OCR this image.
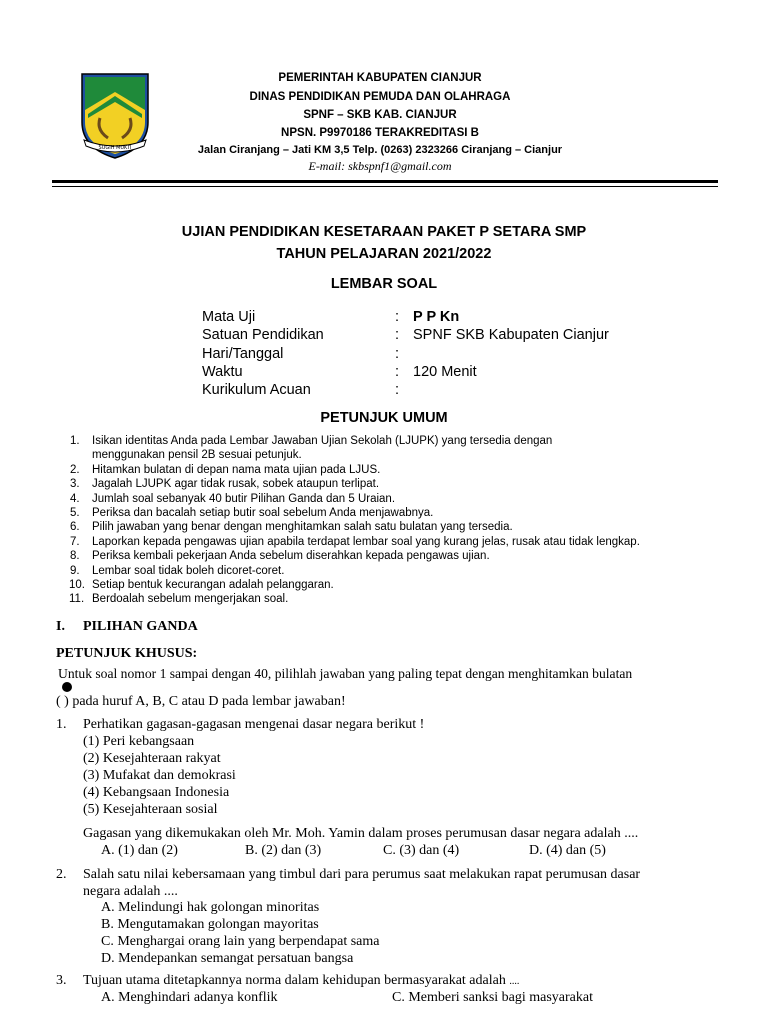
SUGIH MUKTI
PEMERINTAH KABUPATEN CIANJUR
DINAS PENDIDIKAN PEMUDA DAN OLAHRAGA
SPNF – SKB KAB. CIANJUR
NPSN. P9970186 TERAKREDITASI B
Jalan Ciranjang – Jati KM 3,5 Telp. (0263) 2323266 Ciranjang – Cianjur
E-mail: skbspnf1@gmail.com
UJIAN PENDIDIKAN KESETARAAN PAKET P SETARA SMP
TAHUN PELAJARAN 2021/2022
LEMBAR SOAL
Mata Uji	: P P Kn
Satuan Pendidikan	: SPNF SKB Kabupaten Cianjur
Hari/Tanggal	:
Waktu	: 120 Menit
Kurikulum Acuan	:
PETUNJUK UMUM
1. Isikan identitas Anda pada Lembar Jawaban Ujian Sekolah (LJUPK) yang tersedia dengan
menggunakan pensil 2B sesuai petunjuk.
2. Hitamkan bulatan di depan nama mata ujian pada LJUS.
3. Jagalah LJUPK agar tidak rusak, sobek ataupun terlipat.
4. Jumlah soal sebanyak 40 butir Pilihan Ganda dan 5 Uraian.
5. Periksa dan bacalah setiap butir soal sebelum Anda menjawabnya.
6. Pilih jawaban yang benar dengan menghitamkan salah satu bulatan yang tersedia.
7. Laporkan kepada pengawas ujian apabila terdapat lembar soal yang kurang jelas, rusak atau tidak lengkap.
8. Periksa kembali pekerjaan Anda sebelum diserahkan kepada pengawas ujian.
9. Lembar soal tidak boleh dicoret-coret.
10. Setiap bentuk kecurangan adalah pelanggaran.
11. Berdoalah sebelum mengerjakan soal.
I. PILIHAN GANDA
PETUNJUK KHUSUS:
Untuk soal nomor 1 sampai dengan 40, pilihlah jawaban yang paling tepat dengan menghitamkan bulatan
( ) pada huruf A, B, C atau D pada lembar jawaban!
1. Perhatikan gagasan-gagasan mengenai dasar negara berikut !
(1) Peri kebangsaan
(2) Kesejahteraan rakyat
(3) Mufakat dan demokrasi
(4) Kebangsaan Indonesia
(5) Kesejahteraan sosial
Gagasan yang dikemukakan oleh Mr. Moh. Yamin dalam proses perumusan dasar negara adalah ....
A. (1) dan (2)	B. (2) dan (3)	C. (3) dan (4)	D. (4) dan (5)
2. Salah satu nilai kebersamaan yang timbul dari para perumus saat melakukan rapat perumusan dasar
negara adalah ....
A. Melindungi hak golongan minoritas
B. Mengutamakan golongan mayoritas
C. Menghargai orang lain yang berpendapat sama
D. Mendepankan semangat persatuan bangsa
3. Tujuan utama ditetapkannya norma dalam kehidupan bermasyarakat adalah ....
A. Menghindari adanya konflik	C. Memberi sanksi bagi masyarakat
